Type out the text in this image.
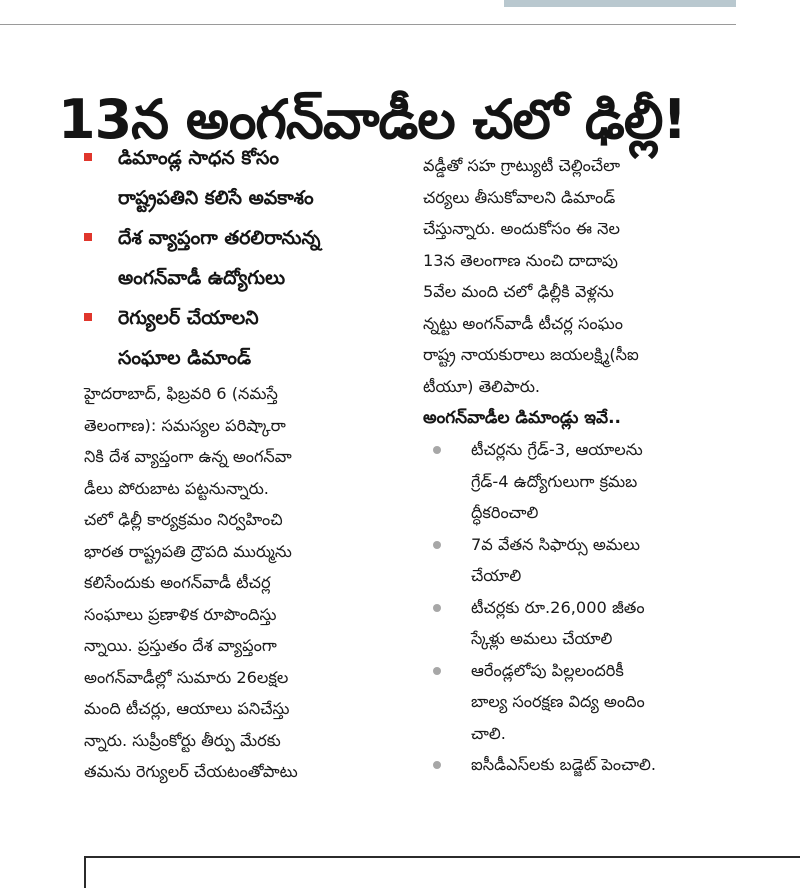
13న అంగన్‌వాడీల చలో ఢిల్లీ!
డిమాండ్ల సాధన కోసం
రాష్ట్రపతిని కలిసే అవకాశం
దేశ వ్యాప్తంగా తరలిరానున్న
అంగన్‌వాడీ ఉద్యోగులు
రెగ్యులర్ చేయాలని
సంఘాల డిమాండ్
హైదరాబాద్, ఫిబ్రవరి 6 (నమస్తే
తెలంగాణ): సమస్యల పరిష్కారా
నికి దేశ వ్యాప్తంగా ఉన్న అంగన్‌వా
డీలు పోరుబాట పట్టనున్నారు.
చలో ఢిల్లీ కార్యక్రమం నిర్వహించి
భారత రాష్ట్రపతి ద్రౌపది ముర్మును
కలిసేందుకు అంగన్‌వాడీ టీచర్ల
సంఘాలు ప్రణాళిక రూపొందిస్తు
న్నాయి. ప్రస్తుతం దేశ వ్యాప్తంగా
అంగన్‌వాడీల్లో సుమారు 26లక్షల
మంది టీచర్లు, ఆయాలు పనిచేస్తు
న్నారు. సుప్రీంకోర్టు తీర్పు మేరకు
తమను రెగ్యులర్ చేయటంతోపాటు
వడ్డీతో సహ గ్రాట్యుటీ చెల్లించేలా
చర్యలు తీసుకోవాలని డిమాండ్
చేస్తున్నారు. అందుకోసం ఈ నెల
13న తెలంగాణ నుంచి దాదాపు
5వేల మంది చలో ఢిల్లీకి వెళ్లను
న్నట్టు అంగన్‌వాడీ టీచర్ల సంఘం
రాష్ట్ర నాయకురాలు జయలక్ష్మి(సీఐ
టీయూ) తెలిపారు.
అంగన్‌వాడీల డిమాండ్లు ఇవే..
టీచర్లను గ్రేడ్-3, ఆయాలను
గ్రేడ్-4 ఉద్యోగులుగా క్రమబ
ద్ధీకరించాలి
7వ వేతన సిఫార్సు అమలు
చేయాలి
టీచర్లకు రూ.26,000 జీతం
స్కేళ్లు అమలు చేయాలి
ఆరేండ్లలోపు పిల్లలందరికీ
బాల్య సంరక్షణ విద్య అందిం
చాలి.
ఐసీడీఎస్‌లకు బడ్జెట్ పెంచాలి.
